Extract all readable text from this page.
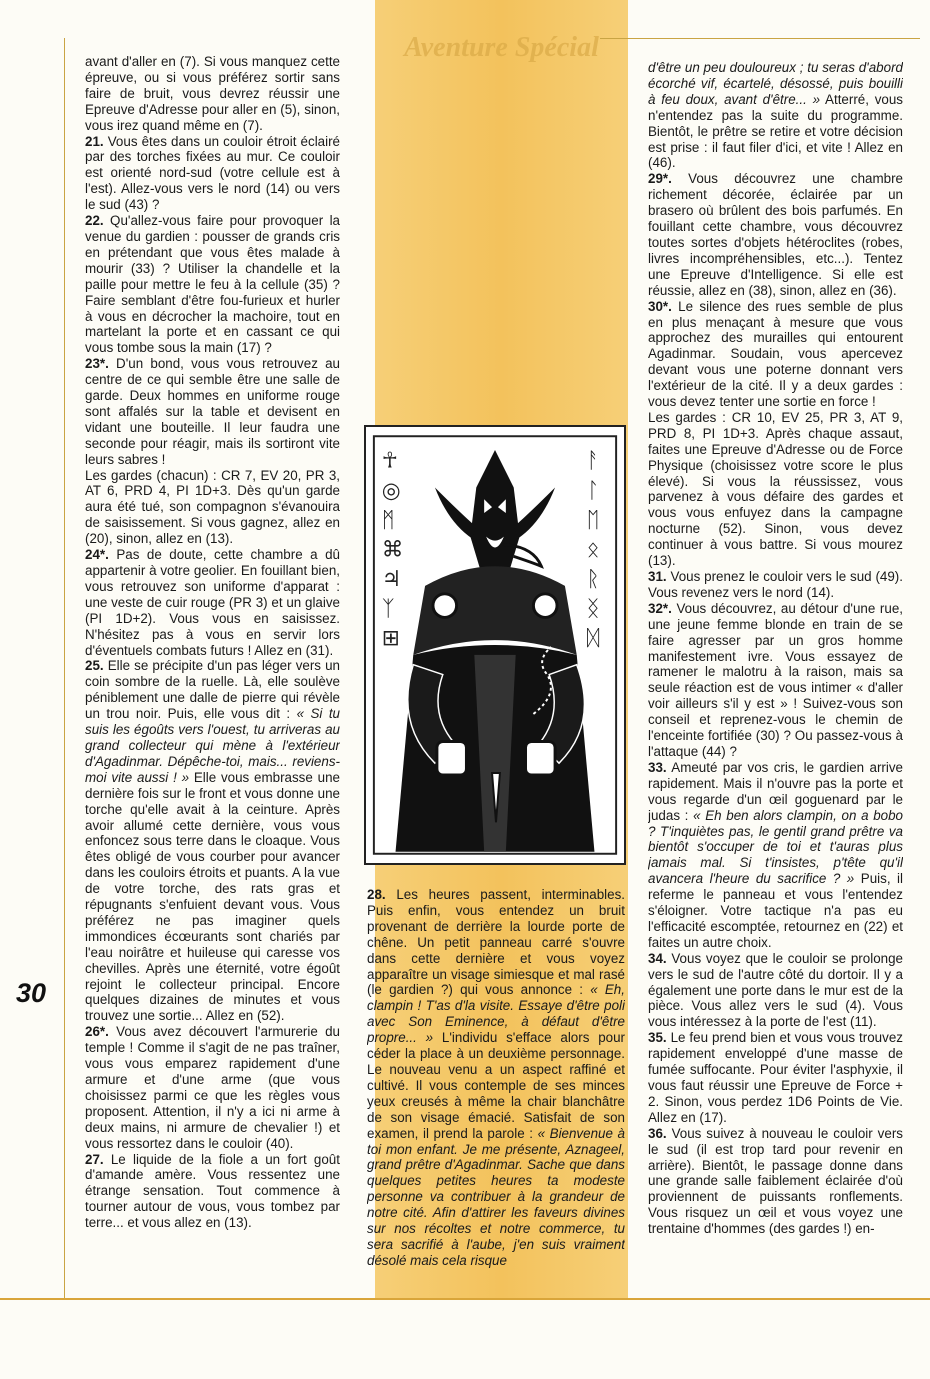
Aventure Spécial
30

avant d'aller en (7). Si vous manquez cette épreuve, ou si vous préférez sortir sans faire de bruit, vous devrez réussir une Epreuve d'Adresse pour aller en (5), sinon, vous irez quand même en (7).

21. Vous êtes dans un couloir étroit éclairé par des torches fixées au mur. Ce couloir est orienté nord-sud (votre cellule est à l'est). Allez-vous vers le nord (14) ou vers le sud (43) ?

22. Qu'allez-vous faire pour provoquer la venue du gardien : pousser de grands cris en prétendant que vous êtes malade à mourir (33) ? Utiliser la chandelle et la paille pour mettre le feu à la cellule (35) ? Faire semblant d'être fou-furieux et hurler à vous en décrocher la machoire, tout en martelant la porte et en cassant ce qui vous tombe sous la main (17) ?

23*. D'un bond, vous vous retrouvez au centre de ce qui semble être une salle de garde. Deux hommes en uniforme rouge sont affalés sur la table et devisent en vidant une bouteille. Il leur faudra une seconde pour réagir, mais ils sortiront vite leurs sabres !

Les gardes (chacun) : CR 7, EV 20, PR 3, AT 6, PRD 4, PI 1D+3. Dès qu'un garde aura été tué, son compagnon s'évanouira de saisissement. Si vous gagnez, allez en (20), sinon, allez en (13).

24*. Pas de doute, cette chambre a dû appartenir à votre geolier. En fouillant bien, vous retrouvez son uniforme d'apparat : une veste de cuir rouge (PR 3) et un glaive (PI 1D+2). Vous vous en saisissez. N'hésitez pas à vous en servir lors d'éventuels combats futurs ! Allez en (31).

25. Elle se précipite d'un pas léger vers un coin sombre de la ruelle. Là, elle soulève péniblement une dalle de pierre qui révèle un trou noir. Puis, elle vous dit : « Si tu suis les égoûts vers l'ouest, tu arriveras au grand collecteur qui mène à l'extérieur d'Agadinmar. Dépêche-toi, mais... reviens-moi vite aussi ! » Elle vous embrasse une dernière fois sur le front et vous donne une torche qu'elle avait à la ceinture. Après avoir allumé cette dernière, vous vous enfoncez sous terre dans le cloaque. Vous êtes obligé de vous courber pour avancer dans les couloirs étroits et puants. A la vue de votre torche, des rats gras et répugnants s'enfuient devant vous. Vous préférez ne pas imaginer quels immondices écœurants sont chariés par l'eau noirâtre et huileuse qui caresse vos chevilles. Après une éternité, votre égoût rejoint le collecteur principal. Encore quelques dizaines de minutes et vous trouvez une sortie... Allez en (52).

26*. Vous avez découvert l'armurerie du temple ! Comme il s'agit de ne pas traîner, vous vous emparez rapidement d'une armure et d'une arme (que vous choisissez parmi ce que les règles vous proposent. Attention, il n'y a ici ni arme à deux mains, ni armure de chevalier !) et vous ressortez dans le couloir (40).

27. Le liquide de la fiole a un fort goût d'amande amère. Vous ressentez une étrange sensation. Tout commence à tourner autour de vous, vous tombez par terre... et vous allez en (13).

28. Les heures passent, interminables. Puis enfin, vous entendez un bruit provenant de derrière la lourde porte de chêne. Un petit panneau carré s'ouvre dans cette dernière et vous voyez apparaître un visage simiesque et mal rasé (le gardien ?) qui vous annonce : « Eh, clampin ! T'as d'la visite. Essaye d'être poli avec Son Eminence, à défaut d'être propre... » L'individu s'efface alors pour céder la place à un deuxième personnage. Le nouveau venu a un aspect raffiné et cultivé. Il vous contemple de ses minces yeux creusés à même la chair blanchâtre de son visage émacié. Satisfait de son examen, il prend la parole : « Bienvenue à toi mon enfant. Je me présente, Aznageel, grand prêtre d'Agadinmar. Sache que dans quelques petites heures ta modeste personne va contribuer à la grandeur de notre cité. Afin d'attirer les faveurs divines sur nos récoltes et notre commerce, tu sera sacrifié à l'aube, j'en suis vraiment désolé mais cela risque

d'être un peu douloureux ; tu seras d'abord écorché vif, écartelé, désossé, puis bouilli à feu doux, avant d'être... » Atterré, vous n'entendez pas la suite du programme. Bientôt, le prêtre se retire et votre décision est prise : il faut filer d'ici, et vite ! Allez en (46).

29*. Vous découvrez une chambre richement décorée, éclairée par un brasero où brûlent des bois parfumés. En fouillant cette chambre, vous découvrez toutes sortes d'objets hétéroclites (robes, livres incompréhensibles, etc...). Tentez une Epreuve d'Intelligence. Si elle est réussie, allez en (38), sinon, allez en (36).

30*. Le silence des rues semble de plus en plus menaçant à mesure que vous approchez des murailles qui entourent Agadinmar. Soudain, vous apercevez devant vous une poterne donnant vers l'extérieur de la cité. Il y a deux gardes : vous devez tenter une sortie en force !

Les gardes : CR 10, EV 25, PR 3, AT 9, PRD 8, PI 1D+3. Après chaque assaut, faites une Epreuve d'Adresse ou de Force Physique (choisissez votre score le plus élevé). Si vous la réussissez, vous parvenez à vous défaire des gardes et vous vous enfuyez dans la campagne nocturne (52). Sinon, vous devez continuer à vous battre. Si vous mourez (13).

31. Vous prenez le couloir vers le sud (49). Vous revenez vers le nord (14).

32*. Vous découvrez, au détour d'une rue, une jeune femme blonde en train de se faire agresser par un gros homme manifestement ivre. Vous essayez de ramener le malotru à la raison, mais sa seule réaction est de vous intimer « d'aller voir ailleurs s'il y est » ! Suivez-vous son conseil et reprenez-vous le chemin de l'enceinte fortifiée (30) ? Ou passez-vous à l'attaque (44) ?

33. Ameuté par vos cris, le gardien arrive rapidement. Mais il n'ouvre pas la porte et vous regarde d'un œil goguenard par le judas : « Eh ben alors clampin, on a bobo ? T'inquiètes pas, le gentil grand prêtre va bientôt s'occuper de toi et t'auras plus jamais mal. Si t'insistes, p'tête qu'il avancera l'heure du sacrifice ? » Puis, il referme le panneau et vous l'entendez s'éloigner. Votre tactique n'a pas eu l'efficacité escomptée, retournez en (22) et faites un autre choix.

34. Vous voyez que le couloir se prolonge vers le sud de l'autre côté du dortoir. Il y a également une porte dans le mur est de la pièce. Vous allez vers le sud (4). Vous vous intéressez à la porte de l'est (11).

35. Le feu prend bien et vous vous trouvez rapidement enveloppé d'une masse de fumée suffocante. Pour éviter l'asphyxie, il vous faut réussir une Epreuve de Force + 2. Sinon, vous perdez 1D6 Points de Vie. Allez en (17).

36. Vous suivez à nouveau le couloir vers le sud (il est trop tard pour revenir en arrière). Bientôt, le passage donne dans une grande salle faiblement éclairée d'où proviennent de puissants ronflements. Vous risquez un œil et vous voyez une trentaine d'hommes (des gardes !) en-

☥
◎
ᛗ
⌘
♃
ᛉ
⊞
ᚨ
ᛚ
ᛖ
ᛟ
ᚱ
ᛝ
ᛞ
